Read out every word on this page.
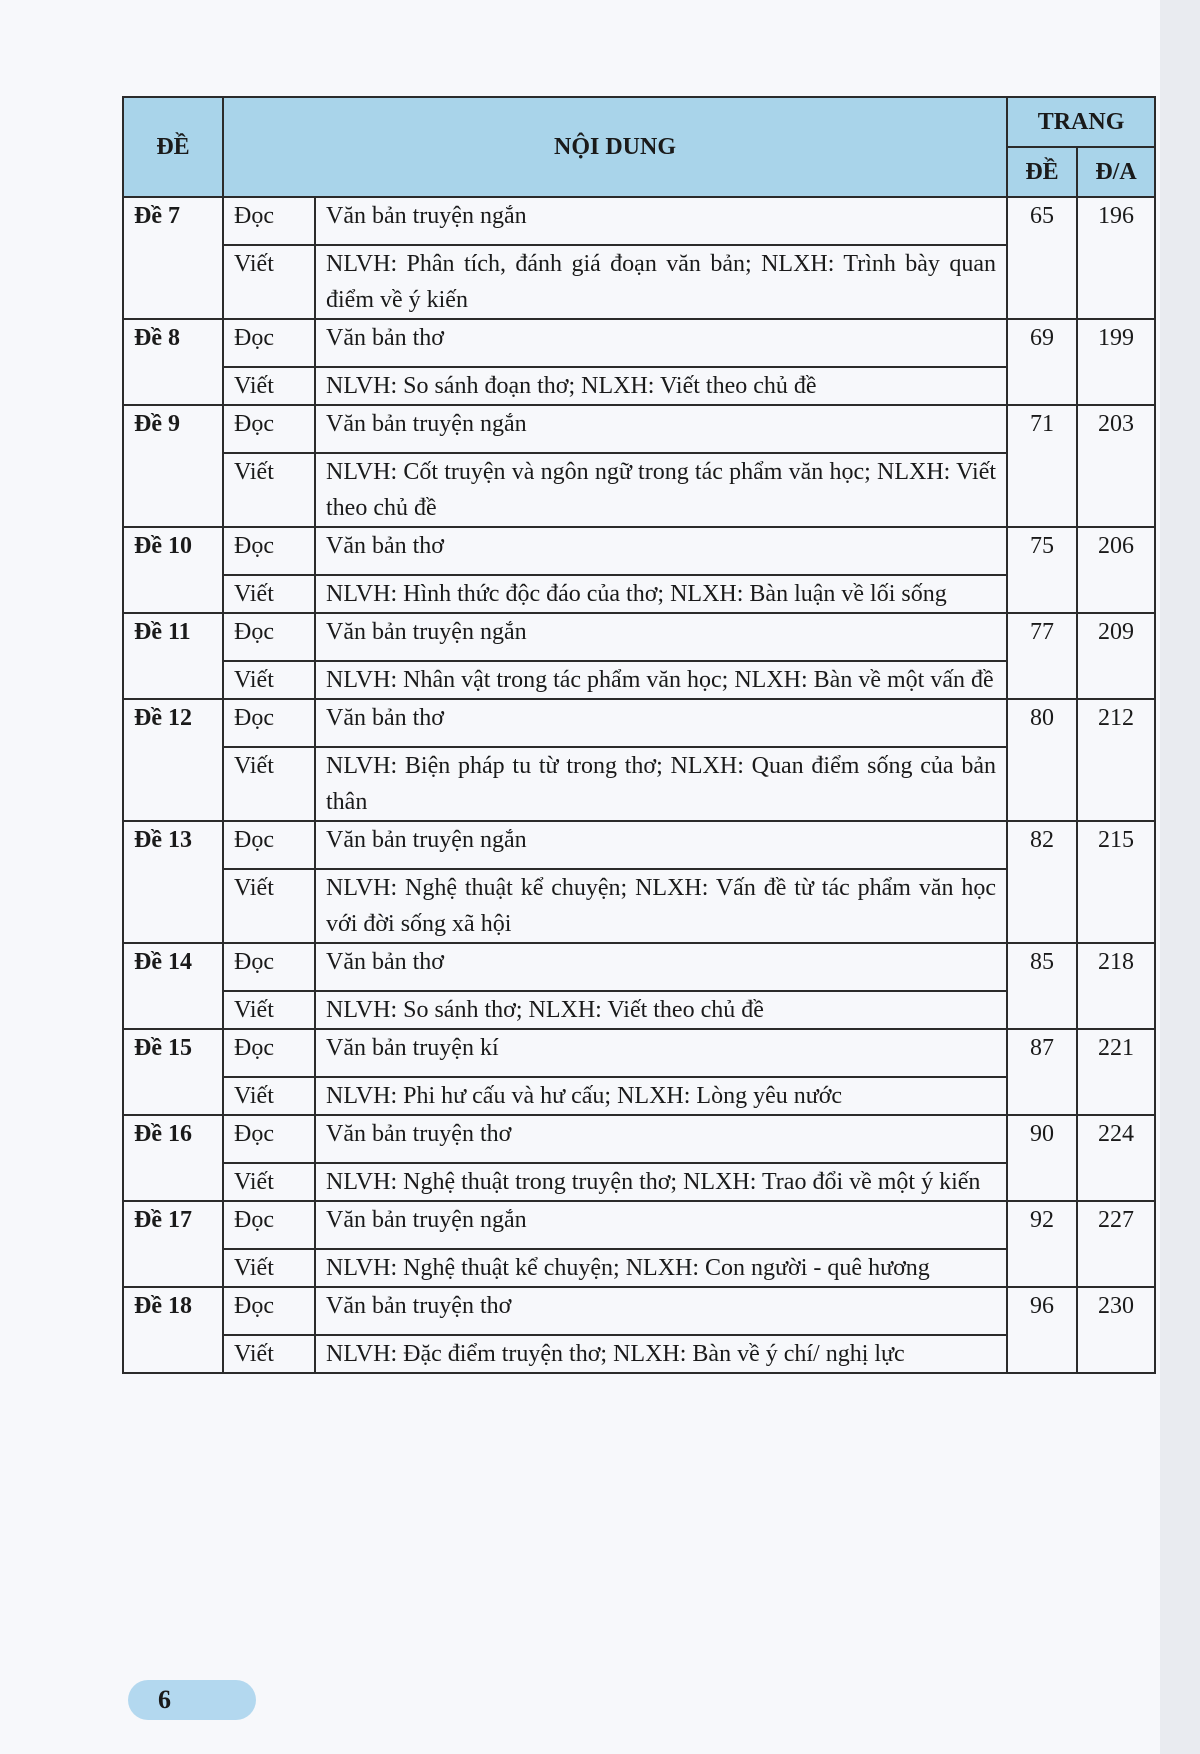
ĐỀ	NỘI DUNG		TRANG	
			ĐỀ	Đ/A
Đề 7	Đọc	Văn bản truyện ngắn	65	196
	Viết	NLVH: Phân tích, đánh giá đoạn văn bản; NLXH: Trình bày quan điểm về ý kiến		
Đề 8	Đọc	Văn bản thơ	69	199
	Viết	NLVH: So sánh đoạn thơ; NLXH: Viết theo chủ đề		
Đề 9	Đọc	Văn bản truyện ngắn	71	203
	Viết	NLVH: Cốt truyện và ngôn ngữ trong tác phẩm văn học; NLXH: Viết theo chủ đề		
Đề 10	Đọc	Văn bản thơ	75	206
	Viết	NLVH: Hình thức độc đáo của thơ; NLXH: Bàn luận về lối sống		
Đề 11	Đọc	Văn bản truyện ngắn	77	209
	Viết	NLVH: Nhân vật trong tác phẩm văn học; NLXH: Bàn về một vấn đề		
Đề 12	Đọc	Văn bản thơ	80	212
	Viết	NLVH: Biện pháp tu từ trong thơ; NLXH: Quan điểm sống của bản thân		
Đề 13	Đọc	Văn bản truyện ngắn	82	215
	Viết	NLVH: Nghệ thuật kể chuyện; NLXH: Vấn đề từ tác phẩm văn học với đời sống xã hội		
Đề 14	Đọc	Văn bản thơ	85	218
	Viết	NLVH: So sánh thơ; NLXH: Viết theo chủ đề		
Đề 15	Đọc	Văn bản truyện kí	87	221
	Viết	NLVH: Phi hư cấu và hư cấu; NLXH: Lòng yêu nước		
Đề 16	Đọc	Văn bản truyện thơ	90	224
	Viết	NLVH: Nghệ thuật trong truyện thơ; NLXH: Trao đổi về một ý kiến		
Đề 17	Đọc	Văn bản truyện ngắn	92	227
	Viết	NLVH: Nghệ thuật kể chuyện; NLXH: Con người - quê hương		
Đề 18	Đọc	Văn bản truyện thơ	96	230
	Viết	NLVH: Đặc điểm truyện thơ; NLXH: Bàn về ý chí/ nghị lực		
6
